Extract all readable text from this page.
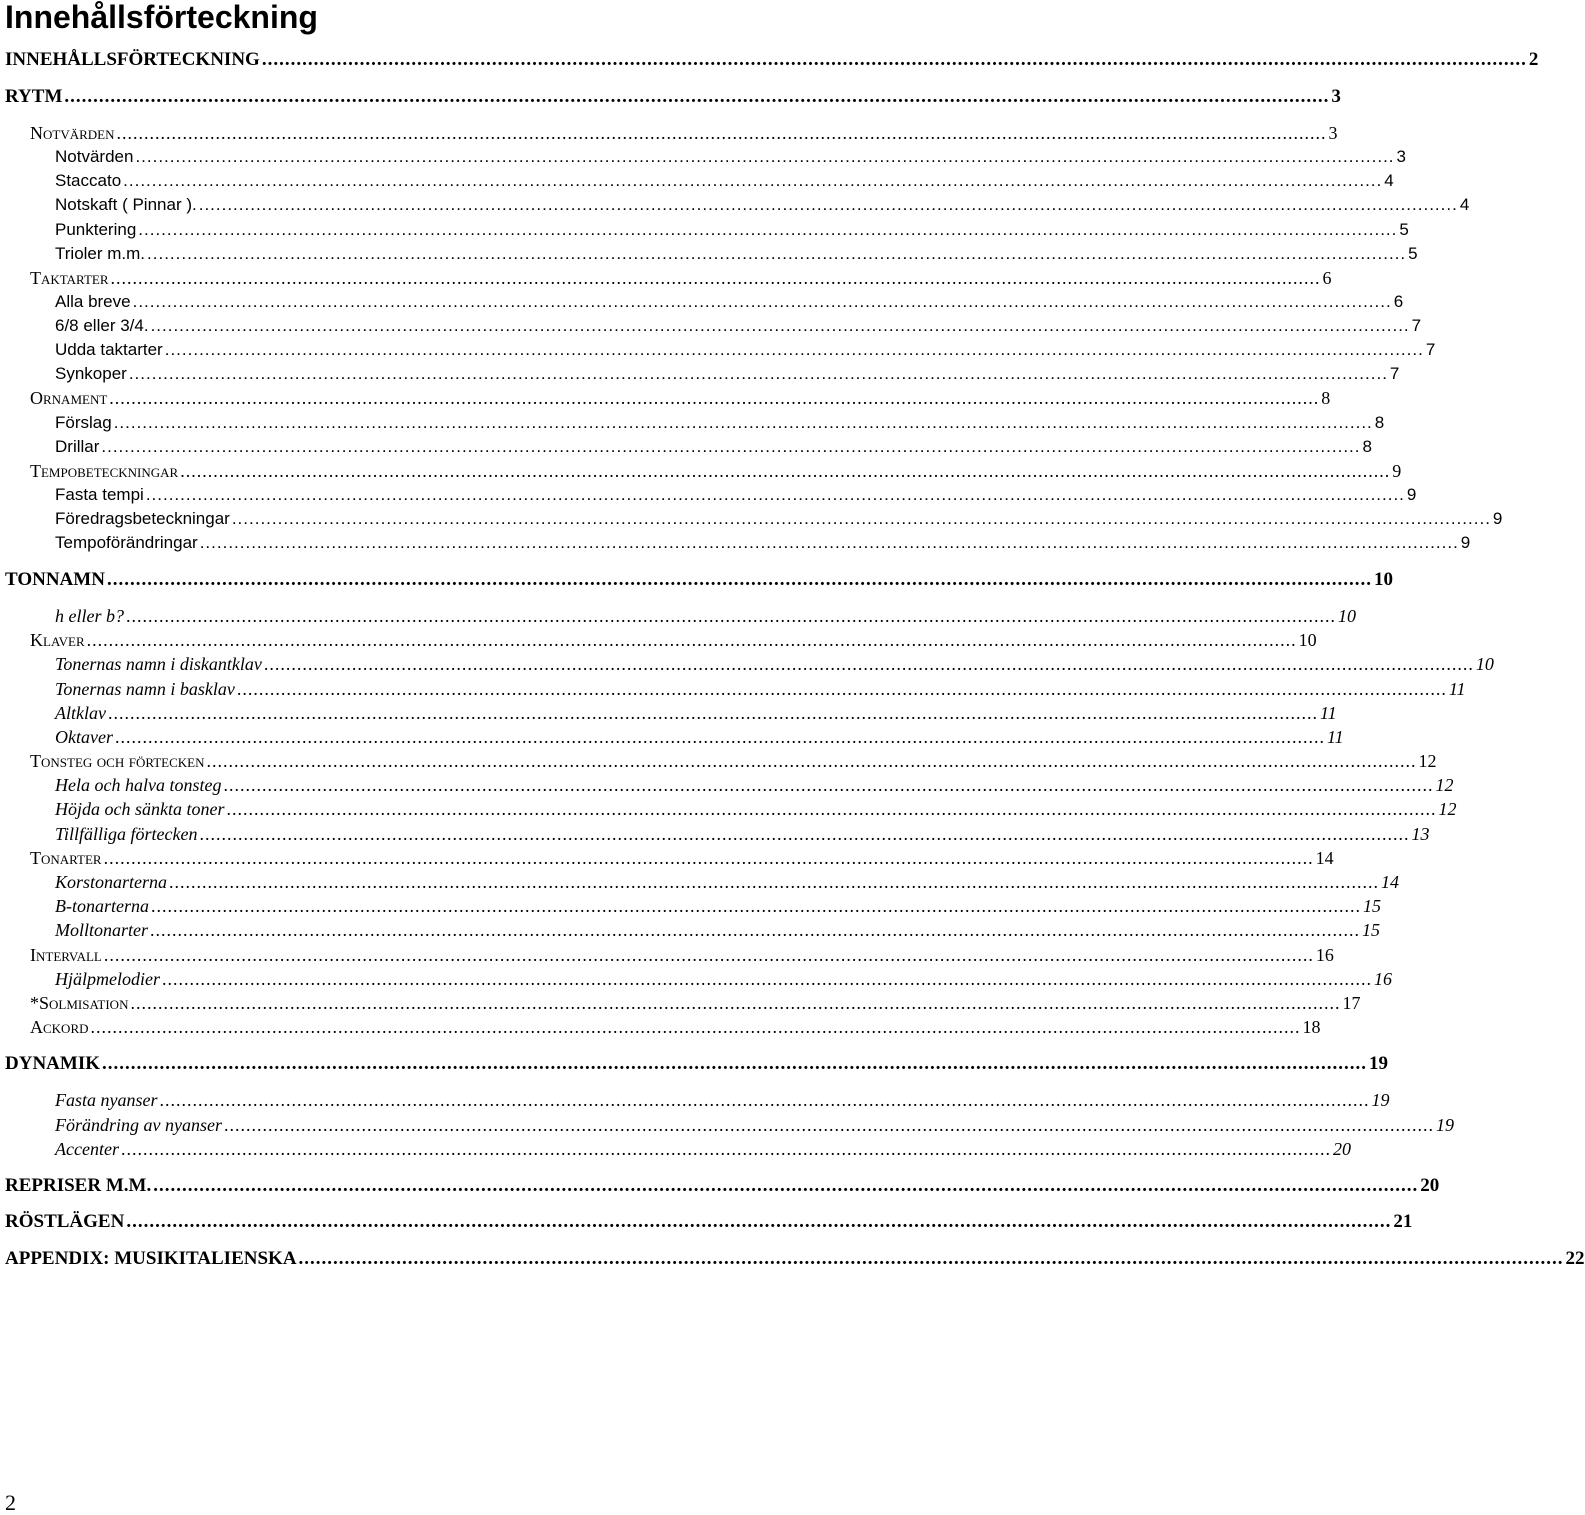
Innehållsförteckning
INNEHÅLLSFÖRTECKNING ............................................................................................................................................................................................................................ 2
RYTM ............................................................................................................................................................................................................................ 3
Notvärden ............................................................................................................................................................................................................................ 3
Notvärden ............................................................................................................................................................................................................................ 3
Staccato ............................................................................................................................................................................................................................ 4
Notskaft ( Pinnar ). ............................................................................................................................................................................................................................ 4
Punktering ............................................................................................................................................................................................................................ 5
Trioler m.m. ............................................................................................................................................................................................................................ 5
Taktarter ............................................................................................................................................................................................................................ 6
Alla breve ............................................................................................................................................................................................................................ 6
6/8 eller 3/4. ............................................................................................................................................................................................................................ 7
Udda taktarter ............................................................................................................................................................................................................................ 7
Synkoper ............................................................................................................................................................................................................................ 7
Ornament ............................................................................................................................................................................................................................ 8
Förslag ............................................................................................................................................................................................................................ 8
Drillar ............................................................................................................................................................................................................................ 8
Tempobeteckningar ............................................................................................................................................................................................................................ 9
Fasta tempi ............................................................................................................................................................................................................................ 9
Föredragsbeteckningar ............................................................................................................................................................................................................................ 9
Tempoförändringar ............................................................................................................................................................................................................................ 9
TONNAMN ............................................................................................................................................................................................................................ 10
h eller b? ............................................................................................................................................................................................................................ 10
Klaver ............................................................................................................................................................................................................................ 10
Tonernas namn i diskantklav ............................................................................................................................................................................................................................ 10
Tonernas namn i basklav ............................................................................................................................................................................................................................ 11
Altklav ............................................................................................................................................................................................................................ 11
Oktaver ............................................................................................................................................................................................................................ 11
Tonsteg och förtecken ............................................................................................................................................................................................................................ 12
Hela och halva tonsteg ............................................................................................................................................................................................................................ 12
Höjda och sänkta toner ............................................................................................................................................................................................................................ 12
Tillfälliga förtecken ............................................................................................................................................................................................................................ 13
Tonarter ............................................................................................................................................................................................................................ 14
Korstonarterna ............................................................................................................................................................................................................................ 14
B-tonarterna ............................................................................................................................................................................................................................ 15
Molltonarter ............................................................................................................................................................................................................................ 15
Intervall ............................................................................................................................................................................................................................ 16
Hjälpmelodier ............................................................................................................................................................................................................................ 16
*Solmisation ............................................................................................................................................................................................................................ 17
Ackord ............................................................................................................................................................................................................................ 18
DYNAMIK ............................................................................................................................................................................................................................ 19
Fasta nyanser ............................................................................................................................................................................................................................ 19
Förändring av nyanser ............................................................................................................................................................................................................................ 19
Accenter ............................................................................................................................................................................................................................ 20
REPRISER M.M. ............................................................................................................................................................................................................................ 20
RÖSTLÄGEN ............................................................................................................................................................................................................................ 21
APPENDIX: MUSIKITALIENSKA ............................................................................................................................................................................................................................ 22
2
